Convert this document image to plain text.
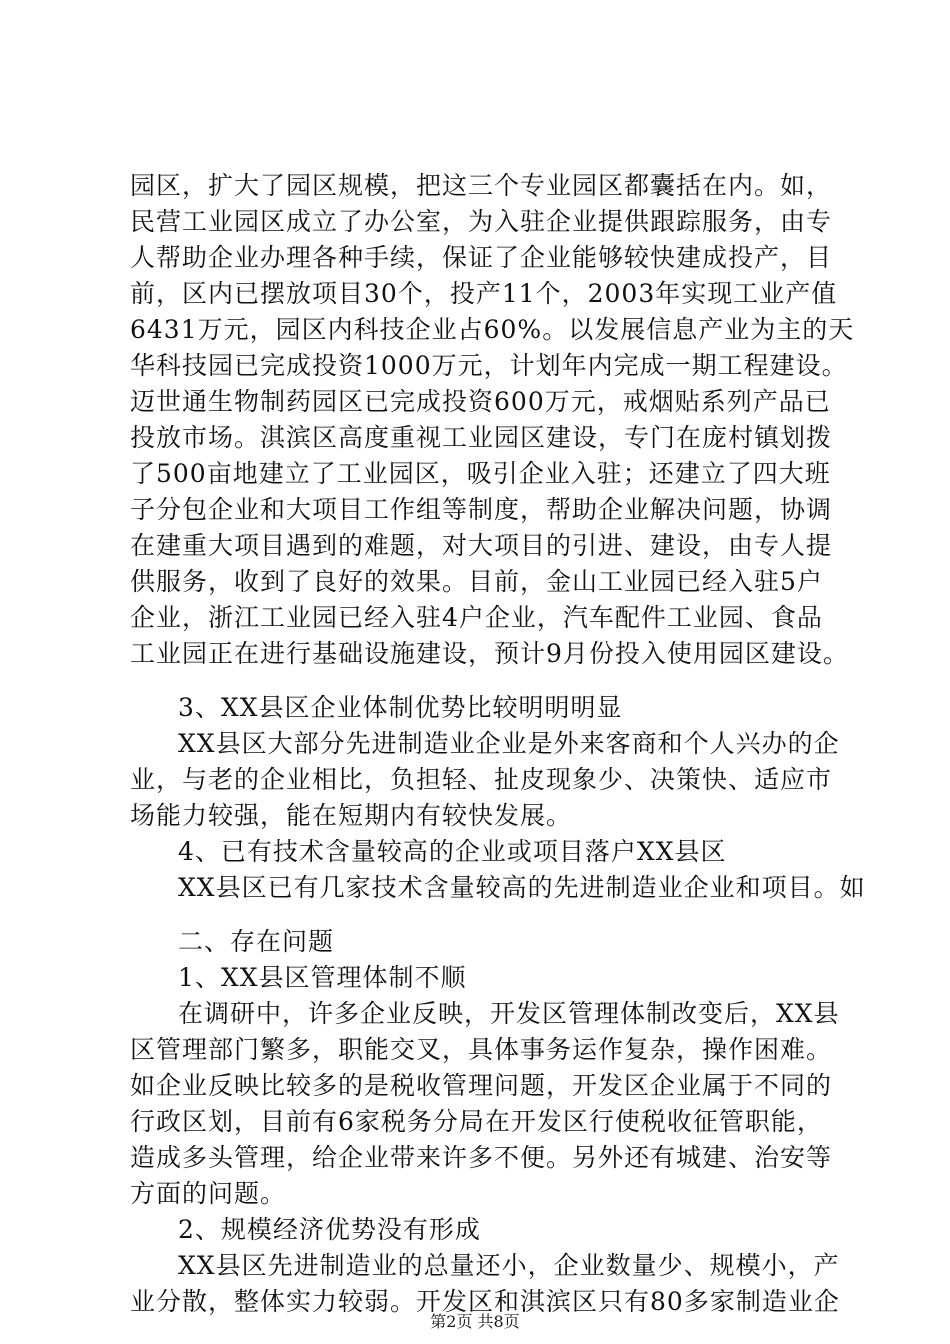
园区，扩大了园区规模，把这三个专业园区都囊括在内。如，
民营工业园区成立了办公室，为入驻企业提供跟踪服务，由专
人帮助企业办理各种手续，保证了企业能够较快建成投产，目
前，区内已摆放项目30个，投产11个，2003年实现工业产值
6431万元，园区内科技企业占60%。以发展信息产业为主的天
华科技园已完成投资1000万元，计划年内完成一期工程建设。
迈世通生物制药园区已完成投资600万元，戒烟贴系列产品已
投放市场。淇滨区高度重视工业园区建设，专门在庞村镇划拨
了500亩地建立了工业园区，吸引企业入驻；还建立了四大班
子分包企业和大项目工作组等制度，帮助企业解决问题，协调
在建重大项目遇到的难题，对大项目的引进、建设，由专人提
供服务，收到了良好的效果。目前，金山工业园已经入驻5户
企业，浙江工业园已经入驻4户企业，汽车配件工业园、食品
工业园正在进行基础设施建设，预计9月份投入使用园区建设。
3、XX县区企业体制优势比较明明明显
XX县区大部分先进制造业企业是外来客商和个人兴办的企
业，与老的企业相比，负担轻、扯皮现象少、决策快、适应市
场能力较强，能在短期内有较快发展。
4、已有技术含量较高的企业或项目落户XX县区
XX县区已有几家技术含量较高的先进制造业企业和项目。如
二、存在问题
1、XX县区管理体制不顺
在调研中，许多企业反映，开发区管理体制改变后，XX县
区管理部门繁多，职能交叉，具体事务运作复杂，操作困难。
如企业反映比较多的是税收管理问题，开发区企业属于不同的
行政区划，目前有6家税务分局在开发区行使税收征管职能，
造成多头管理，给企业带来许多不便。另外还有城建、治安等
方面的问题。
2、规模经济优势没有形成
XX县区先进制造业的总量还小，企业数量少、规模小，产
业分散，整体实力较弱。开发区和淇滨区只有80多家制造业企
第2页 共8页
